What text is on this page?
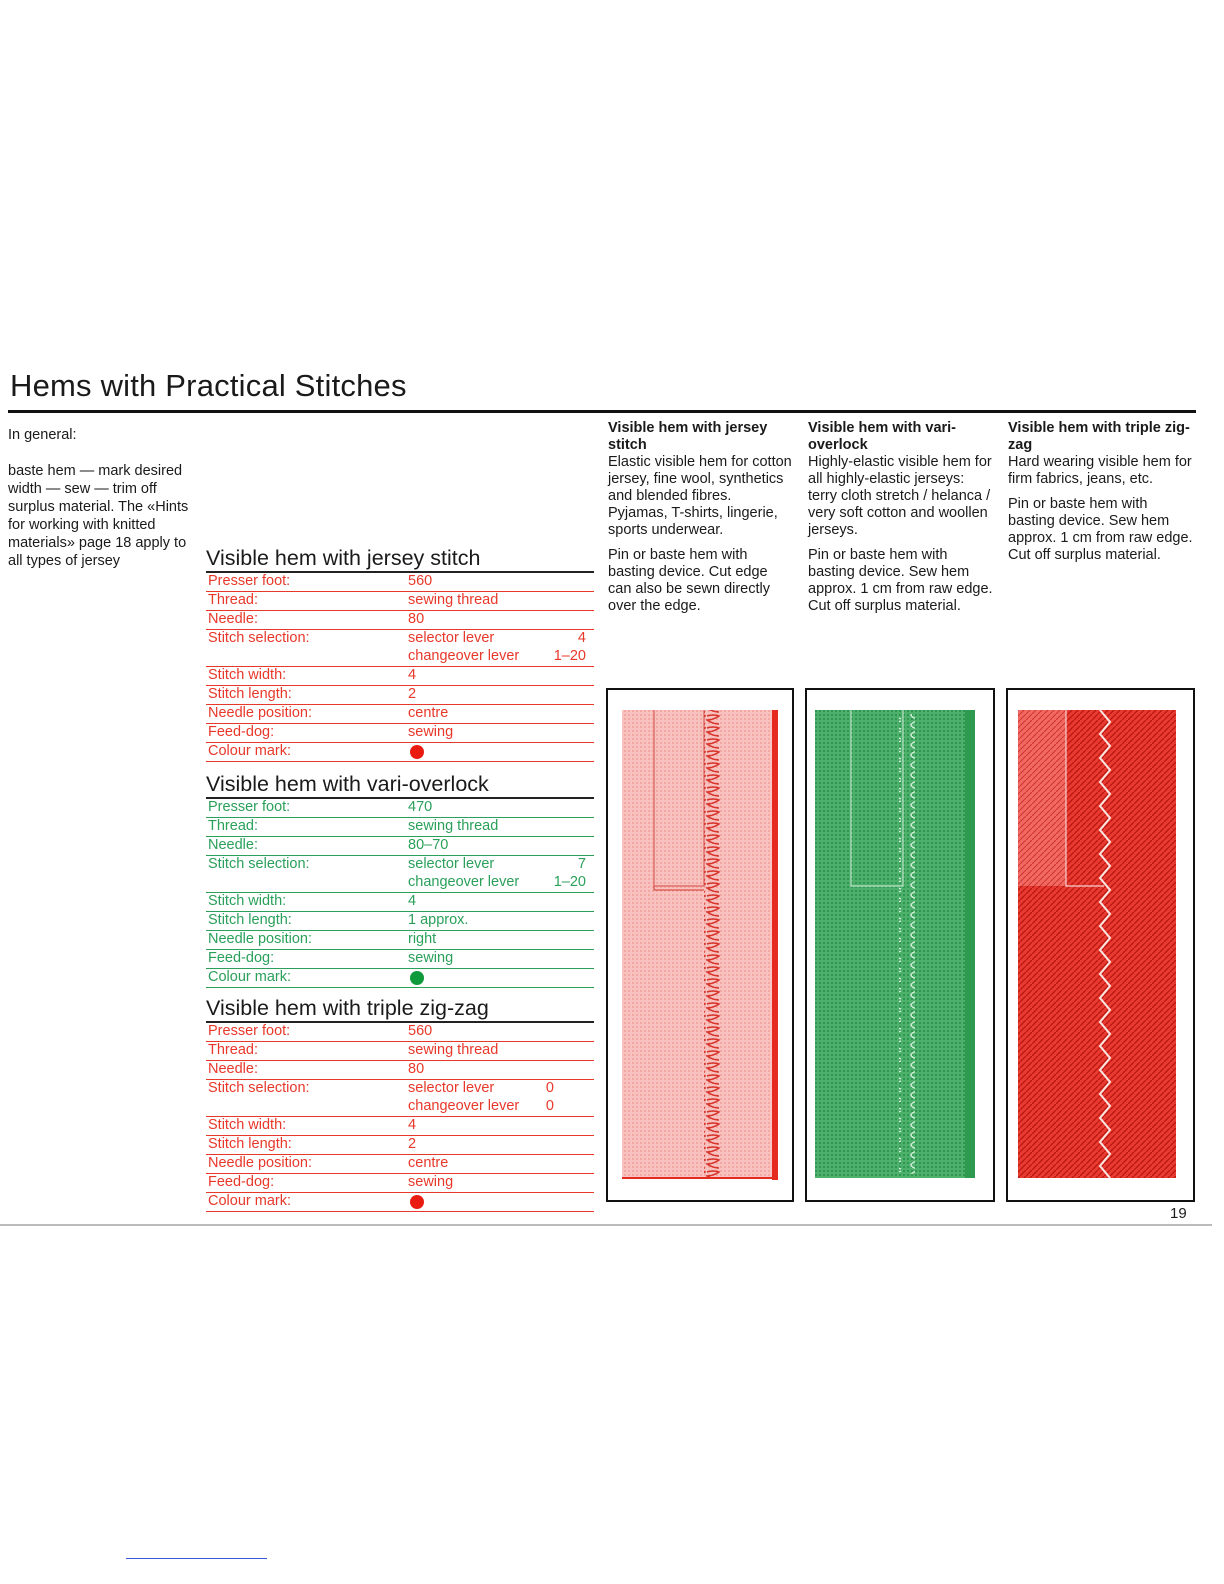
Hems with Practical Stitches

In general:

baste hem — mark desired width — sew — trim off surplus material. The «Hints for working with knitted materials» page 18 apply to all types of jersey	Visible hem with jersey stitch
Presser foot:	560
Thread:	sewing thread
Needle:	80
Stitch selection:	selector lever	4
changeover lever 1–20
Stitch width:	4
Stitch length:	2
Needle position:	centre
Feed-dog:	sewing
Colour mark:
Visible hem with vari-overlock
Presser foot:	470
Thread:	sewing thread
Needle:	80–70
Stitch selection:	selector lever	7
changeover lever 1–20
Stitch width:	4
Stitch length:	1 approx.
Needle position:	right
Feed-dog:	sewing
Colour mark:
Visible hem with triple zig-zag
Presser foot:	560
Thread:	sewing thread
Needle:	80
Stitch selection:	selector lever	0
changeover lever 0
Stitch width:	4
Stitch length:	2
Needle position:	centre
Feed-dog:	sewing
Colour mark:
Visible hem with jersey stitch

Elastic visible hem for cotton jersey, fine wool, synthetics and blended fibres. Pyjamas, T-shirts, lingerie, sports underwear.

Pin or baste hem with basting device. Cut edge can also be sewn directly over the edge.

Visible hem with vari-overlock

Highly-elastic visible hem for all highly-elastic jerseys: terry cloth stretch / helanca / very soft cotton and woollen jerseys.

Pin or baste hem with basting device. Sew hem approx. 1 cm from raw edge. Cut off surplus material.

Visible hem with triple zig-zag

Hard wearing visible hem for firm fabrics, jeans, etc.

Pin or baste hem with basting device. Sew hem approx. 1 cm from raw edge. Cut off surplus material.

19
